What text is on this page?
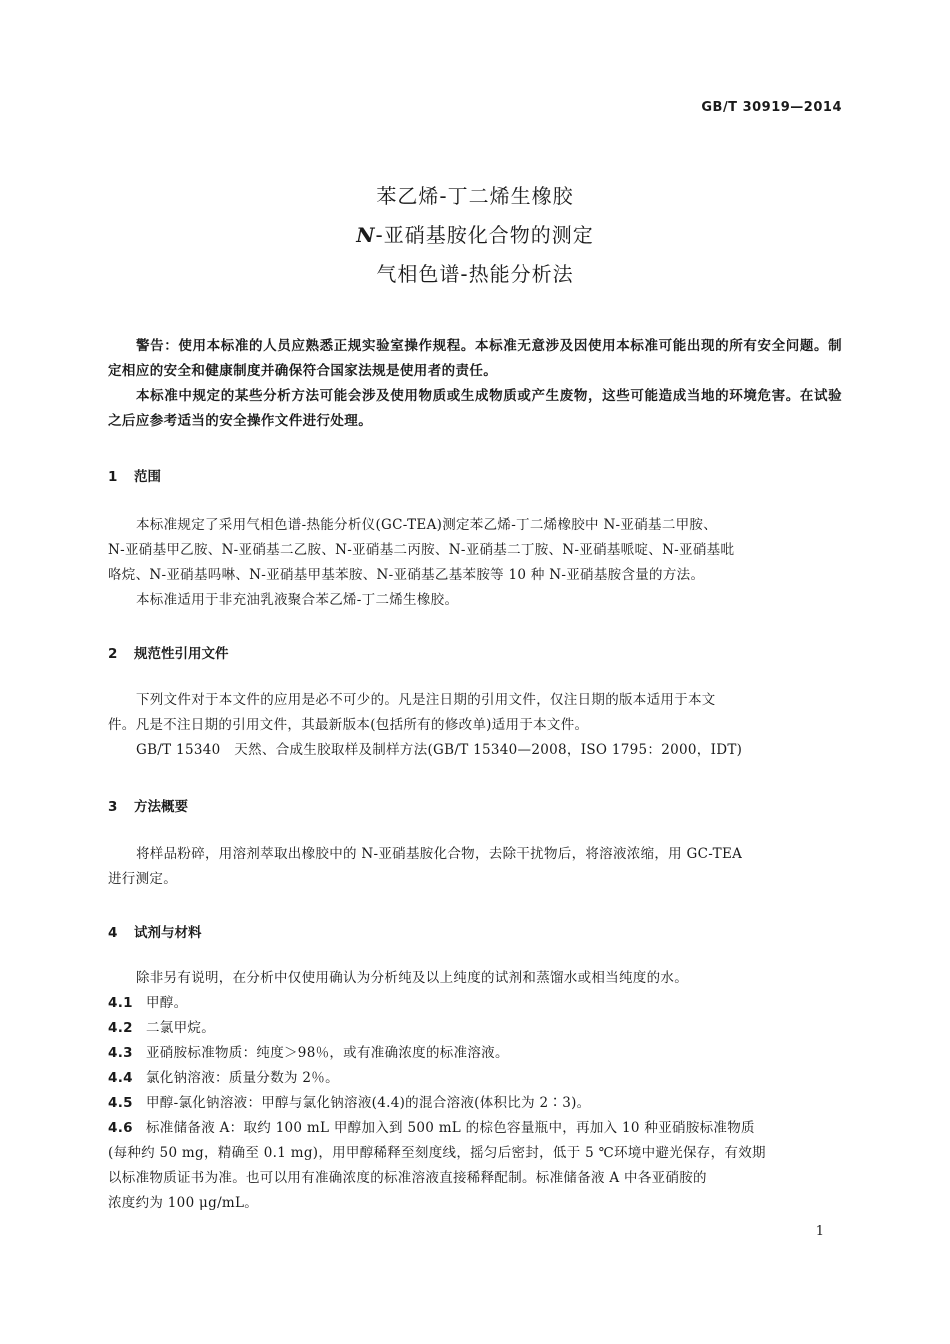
GB/T 30919—2014
苯乙烯-丁二烯生橡胶
N-亚硝基胺化合物的测定
气相色谱-热能分析法
警告：使用本标准的人员应熟悉正规实验室操作规程。本标准无意涉及因使用本标准可能出现的所有安全问题。制定相应的安全和健康制度并确保符合国家法规是使用者的责任。
本标准中规定的某些分析方法可能会涉及使用物质或生成物质或产生废物，这些可能造成当地的环境危害。在试验之后应参考适当的安全操作文件进行处理。
1 范围
本标准规定了采用气相色谱-热能分析仪(GC-TEA)测定苯乙烯-丁二烯橡胶中 N-亚硝基二甲胺、
N-亚硝基甲乙胺、N-亚硝基二乙胺、N-亚硝基二丙胺、N-亚硝基二丁胺、N-亚硝基哌啶、N-亚硝基吡
咯烷、N-亚硝基吗啉、N-亚硝基甲基苯胺、N-亚硝基乙基苯胺等 10 种 N-亚硝基胺含量的方法。
本标准适用于非充油乳液聚合苯乙烯-丁二烯生橡胶。
2 规范性引用文件
下列文件对于本文件的应用是必不可少的。凡是注日期的引用文件，仅注日期的版本适用于本文
件。凡是不注日期的引用文件，其最新版本(包括所有的修改单)适用于本文件。
GB/T 15340　天然、合成生胶取样及制样方法(GB/T 15340—2008，ISO 1795：2000，IDT)
3 方法概要
将样品粉碎，用溶剂萃取出橡胶中的 N-亚硝基胺化合物，去除干扰物后，将溶液浓缩，用 GC-TEA
进行测定。
4 试剂与材料
除非另有说明，在分析中仅使用确认为分析纯及以上纯度的试剂和蒸馏水或相当纯度的水。
4.1 甲醇。
4.2 二氯甲烷。
4.3 亚硝胺标准物质：纯度＞98％，或有准确浓度的标准溶液。
4.4 氯化钠溶液：质量分数为 2％。
4.5 甲醇-氯化钠溶液：甲醇与氯化钠溶液(4.4)的混合溶液(体积比为 2∶3)。
4.6 标准储备液 A：取约 100 mL 甲醇加入到 500 mL 的棕色容量瓶中，再加入 10 种亚硝胺标准物质
(每种约 50 mg，精确至 0.1 mg)，用甲醇稀释至刻度线，摇匀后密封，低于 5 ℃环境中避光保存，有效期
以标准物质证书为准。也可以用有准确浓度的标准溶液直接稀释配制。标准储备液 A 中各亚硝胺的
浓度约为 100 μg/mL。
1
